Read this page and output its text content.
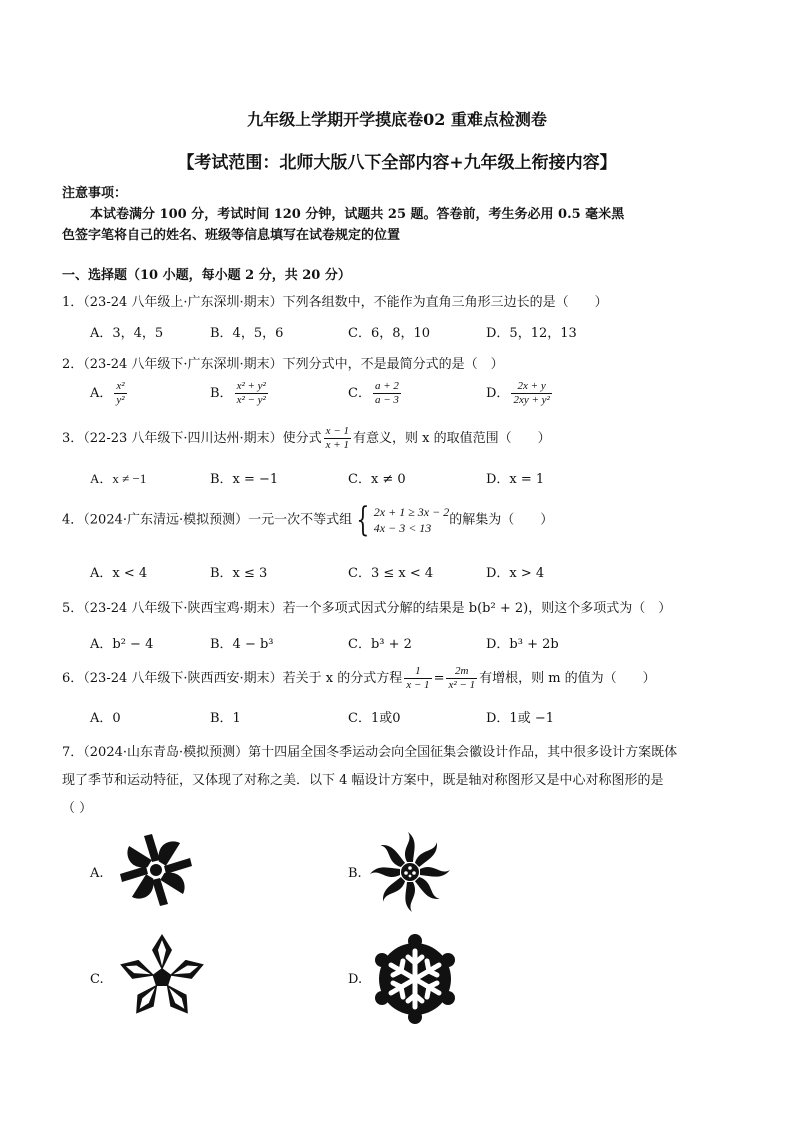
九年级上学期开学摸底卷02 重难点检测卷
【考试范围：北师大版八下全部内容+九年级上衔接内容】
注意事项：
本试卷满分 100 分，考试时间 120 分钟，试题共 25 题。答卷前，考生务必用 0.5 毫米黑
色签字笔将自己的姓名、班级等信息填写在试卷规定的位置
一、选择题（10 小题，每小题 2 分，共 20 分）
1．（23-24 八年级上·广东深圳·期末）下列各组数中，不能作为直角三角形三边长的是（　　）
A．3，4，5	B．4，5，6	C．6，8，10	D．5，12，13
2．（23-24 八年级下·广东深圳·期末）下列分式中，不是最简分式的是（　）
A． $\frac{\text{x²}}{\text{y²}}$	B． $\frac{\text{x² + y²}}{\text{x² − y²}}$	C． $\frac{a + 2}{a - 3}$	D． $\frac{2x + y}{\text{2xy + y²}}$
3．（22-23 八年级下·四川达州·期末）使分式 $\frac{x - 1}{x + 1}$ 有意义，则 x 的取值范围（　　）
A．x ≠ −1	B．x = −1	C．x ≠ 0	D．x = 1
4．（2024·广东清远·模拟预测）一元一次不等式组 { 2x + 1 ≥ 3x − 2
4x − 3 < 13
的解集为（　　）
A．x < 4	B．x ≤ 3	C．3 ≤ x < 4	D．x > 4
5．（23-24 八年级下·陕西宝鸡·期末）若一个多项式因式分解的结果是 b(b² + 2)，则这个多项式为（　）
A．b² − 4	B．4 − b³	C．b³ + 2	D．b³ + 2b
6．（23-24 八年级下·陕西西安·期末）若关于 x 的分式方程 $\frac{1}{x - 1} = \frac{2m}{\text{x² − 1}}$ 有增根，则 m 的值为（　　）
A．0	B．1	C．1或0	D．1或 −1
7．（2024·山东青岛·模拟预测）第十四届全国冬季运动会向全国征集会徽设计作品，其中很多设计方案既体
现了季节和运动特征，又体现了对称之美．以下 4 幅设计方案中，既是轴对称图形又是中心对称图形的是
（ ）
A.	B.
C.	D.
